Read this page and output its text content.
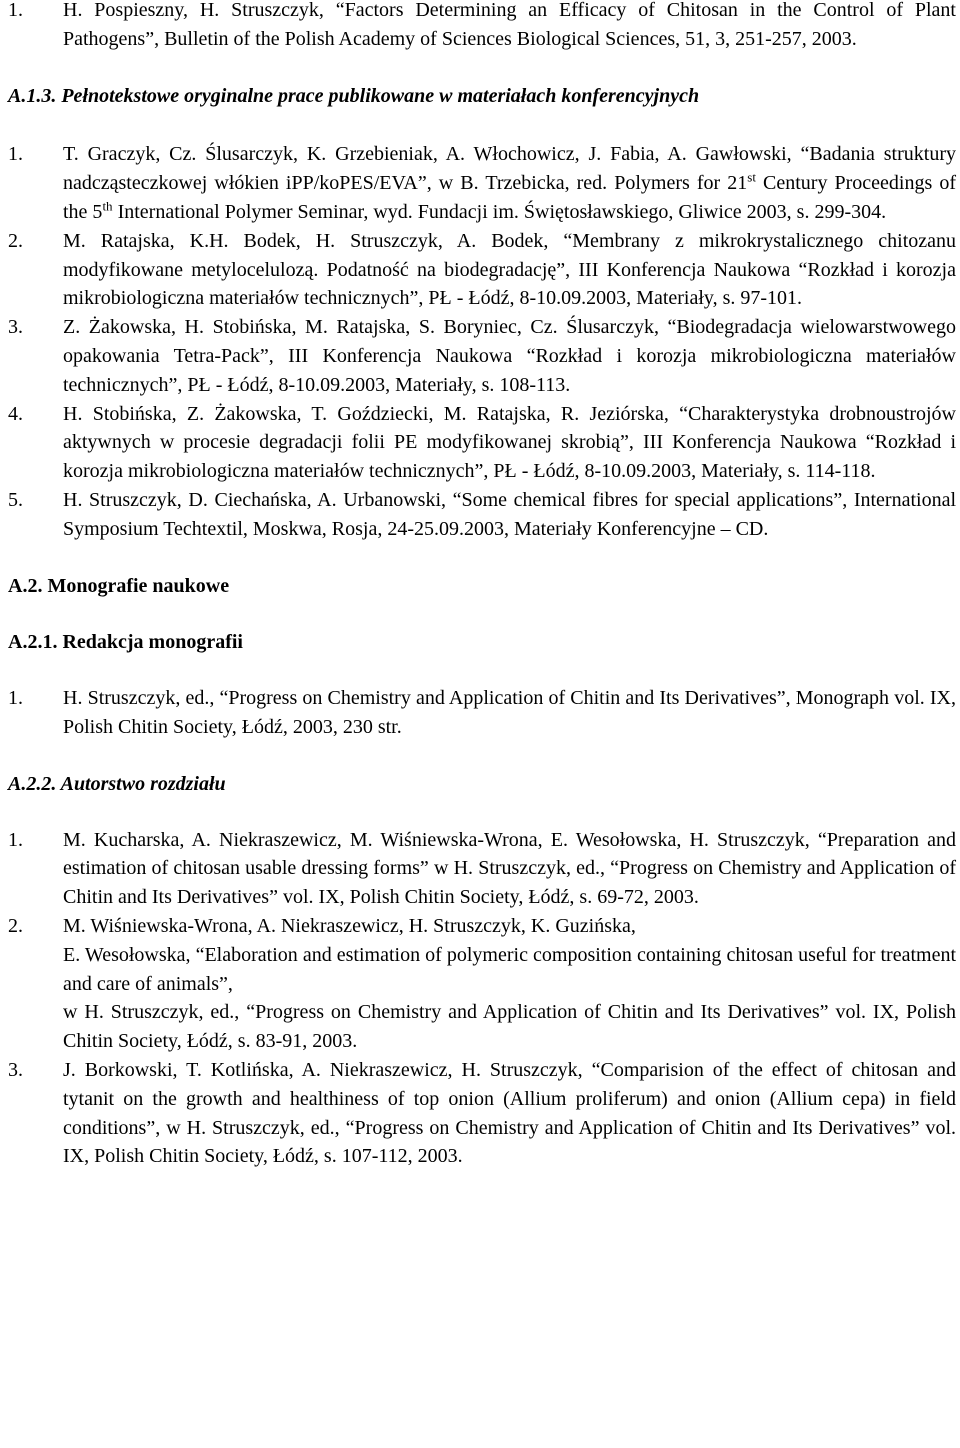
1. H. Pospieszny, H. Struszczyk, “Factors Determining an Efficacy of Chitosan in the Control of Plant Pathogens”, Bulletin of the Polish Academy of Sciences Biological Sciences, 51, 3, 251-257, 2003.

A.1.3. Pełnotekstowe oryginalne prace publikowane w materiałach konferencyjnych

1. T. Graczyk, Cz. Ślusarczyk, K. Grzebieniak, A. Włochowicz, J. Fabia, A. Gawłowski, “Badania struktury nadcząsteczkowej włókien iPP/koPES/EVA”, w B. Trzebicka, red. Polymers for 21st Century Proceedings of the 5th International Polymer Seminar, wyd. Fundacji im. Świętosławskiego, Gliwice 2003, s. 299-304.

2. M. Ratajska, K.H. Bodek, H. Struszczyk, A. Bodek, “Membrany z mikrokrystalicznego chitozanu modyfikowane metylocelulozą. Podatność na biodegradację”, III Konferencja Naukowa “Rozkład i korozja mikrobiologiczna materiałów technicznych”, PŁ - Łódź, 8-10.09.2003, Materiały, s. 97-101.

3. Z. Żakowska, H. Stobińska, M. Ratajska, S. Boryniec, Cz. Ślusarczyk, “Biodegradacja wielowarstwowego opakowania Tetra-Pack”, III Konferencja Naukowa “Rozkład i korozja mikrobiologiczna materiałów technicznych”, PŁ - Łódź, 8-10.09.2003, Materiały, s. 108-113.

4. H. Stobińska, Z. Żakowska, T. Goździecki, M. Ratajska, R. Jeziórska, “Charakterystyka drobnoustrojów aktywnych w procesie degradacji folii PE modyfikowanej skrobią”, III Konferencja Naukowa “Rozkład i korozja mikrobiologiczna materiałów technicznych”, PŁ - Łódź, 8-10.09.2003, Materiały, s. 114-118.

5. H. Struszczyk, D. Ciechańska, A. Urbanowski, “Some chemical fibres for special applications”, International Symposium Techtextil, Moskwa, Rosja, 24-25.09.2003, Materiały Konferencyjne – CD.

A.2. Monografie naukowe

A.2.1. Redakcja monografii

1. H. Struszczyk, ed., “Progress on Chemistry and Application of Chitin and Its Derivatives”, Monograph vol. IX, Polish Chitin Society, Łódź, 2003, 230 str.

A.2.2. Autorstwo rozdziału

1. M. Kucharska, A. Niekraszewicz, M. Wiśniewska-Wrona, E. Wesołowska, H. Struszczyk, “Preparation and estimation of chitosan usable dressing forms” w H. Struszczyk, ed., “Progress on Chemistry and Application of Chitin and Its Derivatives” vol. IX, Polish Chitin Society, Łódź, s. 69-72, 2003.

2. M. Wiśniewska-Wrona, A. Niekraszewicz, H. Struszczyk, K. Guzińska,

E. Wesołowska, “Elaboration and estimation of polymeric composition containing chitosan useful for treatment and care of animals”,

w H. Struszczyk, ed., “Progress on Chemistry and Application of Chitin and Its Derivatives” vol. IX, Polish Chitin Society, Łódź, s. 83-91, 2003.

3. J. Borkowski, T. Kotlińska, A. Niekraszewicz, H. Struszczyk, “Comparision of the effect of chitosan and tytanit on the growth and healthiness of top onion (Allium proliferum) and onion (Allium cepa) in field conditions”, w H. Struszczyk, ed., “Progress on Chemistry and Application of Chitin and Its Derivatives” vol. IX, Polish Chitin Society, Łódź, s. 107-112, 2003.
